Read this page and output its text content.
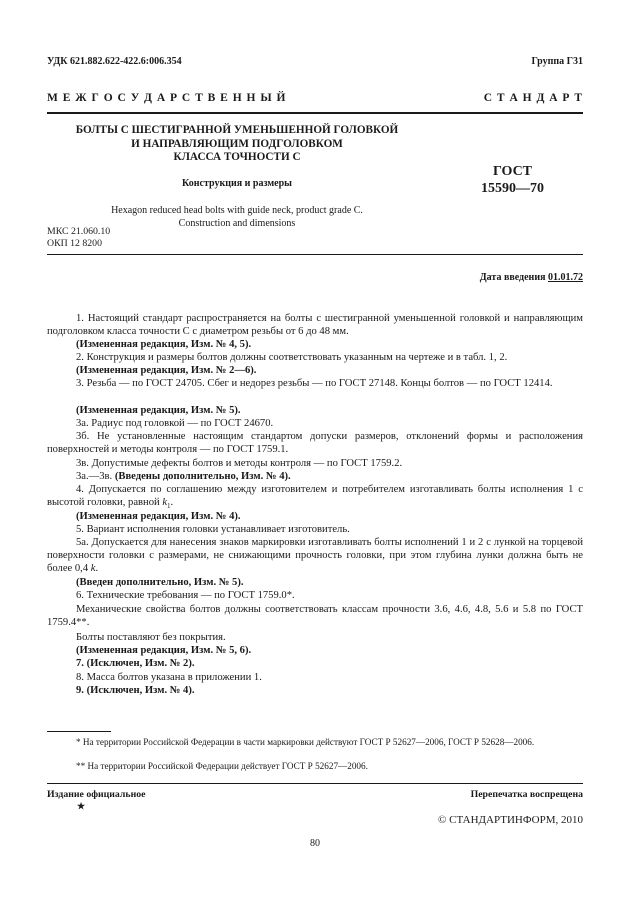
УДК 621.882.622-422.6:006.354	Группа Г31
М Е Ж Г О С У Д А Р С Т В Е Н Н Ы Й	С Т А Н Д А Р Т
БОЛТЫ С ШЕСТИГРАННОЙ УМЕНЬШЕННОЙ ГОЛОВКОЙ
И НАПРАВЛЯЮЩИМ ПОДГОЛОВКОМ
КЛАССА ТОЧНОСТИ С
Конструкция и размеры
Hexagon reduced head bolts with guide neck, product grade C.
Construction and dimensions
ГОСТ
15590—70
МКС 21.060.10
ОКП 12 8200
Дата введения 01.01.72
1. Настоящий стандарт распространяется на болты с шестигранной уменьшенной головкой и направляющим подголовком класса точности С с диаметром резьбы от 6 до 48 мм.
(Измененная редакция, Изм. № 4, 5).
2. Конструкция и размеры болтов должны соответствовать указанным на чертеже и в табл. 1, 2.
(Измененная редакция, Изм. № 2—6).
3. Резьба — по ГОСТ 24705. Сбег и недорез резьбы — по ГОСТ 27148. Концы болтов — по ГОСТ 12414.
(Измененная редакция, Изм. № 5).
3а. Радиус под головкой — по ГОСТ 24670.
3б. Не установленные настоящим стандартом допуски размеров, отклонений формы и расположения поверхностей и методы контроля — по ГОСТ 1759.1.
3в. Допустимые дефекты болтов и методы контроля — по ГОСТ 1759.2.
3а.—3в. (Введены дополнительно, Изм. № 4).
4. Допускается по соглашению между изготовителем и потребителем изготавливать болты исполнения 1 с высотой головки, равной $k_1$.
(Измененная редакция, Изм. № 4).
5. Вариант исполнения головки устанавливает изготовитель.
5а. Допускается для нанесения знаков маркировки изготавливать болты исполнений 1 и 2 с лункой на торцевой поверхности головки с размерами, не снижающими прочность головки, при этом глубина лунки должна быть не более 0,4 k.
(Введен дополнительно, Изм. № 5).
6. Технические требования — по ГОСТ 1759.0*.
Механические свойства болтов должны соответствовать классам прочности 3.6, 4.6, 4.8, 5.6 и 5.8 по ГОСТ 1759.4**.
Болты поставляют без покрытия.
(Измененная редакция, Изм. № 5, 6).
7. (Исключен, Изм. № 2).
8. Масса болтов указана в приложении 1.
9. (Исключен, Изм. № 4).
* На территории Российской Федерации в части маркировки действуют ГОСТ Р 52627—2006, ГОСТ Р 52628—2006.
** На территории Российской Федерации действует ГОСТ Р 52627—2006.
Издание официальное
★
Перепечатка воспрещена
© СТАНДАРТИНФОРМ, 2010
80
